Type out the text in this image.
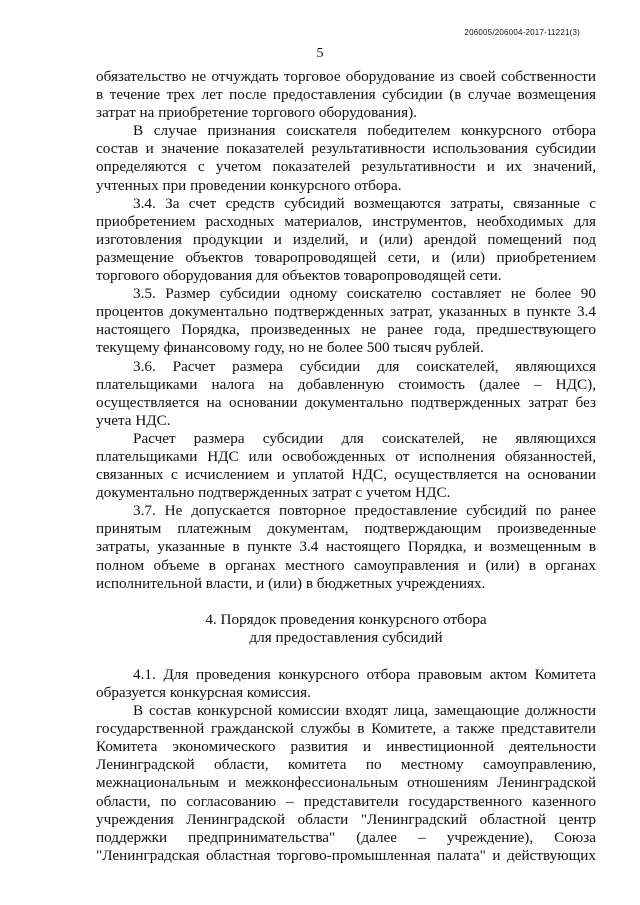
206005/206004-2017-11221(3)
5

обязательство не отчуждать торговое оборудование из своей собственности в течение трех лет после предоставления субсидии (в случае возмещения затрат на приобретение торгового оборудования).

В случае признания соискателя победителем конкурсного отбора состав и значение показателей результативности использования субсидии определяются с учетом показателей результативности и их значений, учтенных при проведении конкурсного отбора.

3.4. За счет средств субсидий возмещаются затраты, связанные с приобретением расходных материалов, инструментов, необходимых для изготовления продукции и изделий, и (или) арендой помещений под размещение объектов товаропроводящей сети, и (или) приобретением торгового оборудования для объектов товаропроводящей сети.

3.5. Размер субсидии одному соискателю составляет не более 90 процентов документально подтвержденных затрат, указанных в пункте 3.4 настоящего Порядка, произведенных не ранее года, предшествующего текущему финансовому году, но не более 500 тысяч рублей.

3.6. Расчет размера субсидии для соискателей, являющихся плательщиками налога на добавленную стоимость (далее – НДС), осуществляется на основании документально подтвержденных затрат без учета НДС.

Расчет размера субсидии для соискателей, не являющихся плательщиками НДС или освобожденных от исполнения обязанностей, связанных с исчислением и уплатой НДС, осуществляется на основании документально подтвержденных затрат с учетом НДС.

3.7. Не допускается повторное предоставление субсидий по ранее принятым платежным документам, подтверждающим произведенные затраты, указанные в пункте 3.4 настоящего Порядка, и возмещенным в полном объеме в органах местного самоуправления и (или) в органах исполнительной власти, и (или) в бюджетных учреждениях.

4. Порядок проведения конкурсного отбора
для предоставления субсидий

4.1. Для проведения конкурсного отбора правовым актом Комитета образуется конкурсная комиссия.

В состав конкурсной комиссии входят лица, замещающие должности государственной гражданской службы в Комитете, а также представители Комитета экономического развития и инвестиционной деятельности Ленинградской области, комитета по местному самоуправлению, межнациональным и межконфессиональным отношениям Ленинградской области, по согласованию – представители государственного казенного учреждения Ленинградской области "Ленинградский областной центр поддержки предпринимательства" (далее – учреждение), Союза "Ленинградская областная торгово-промышленная палата" и действующих
